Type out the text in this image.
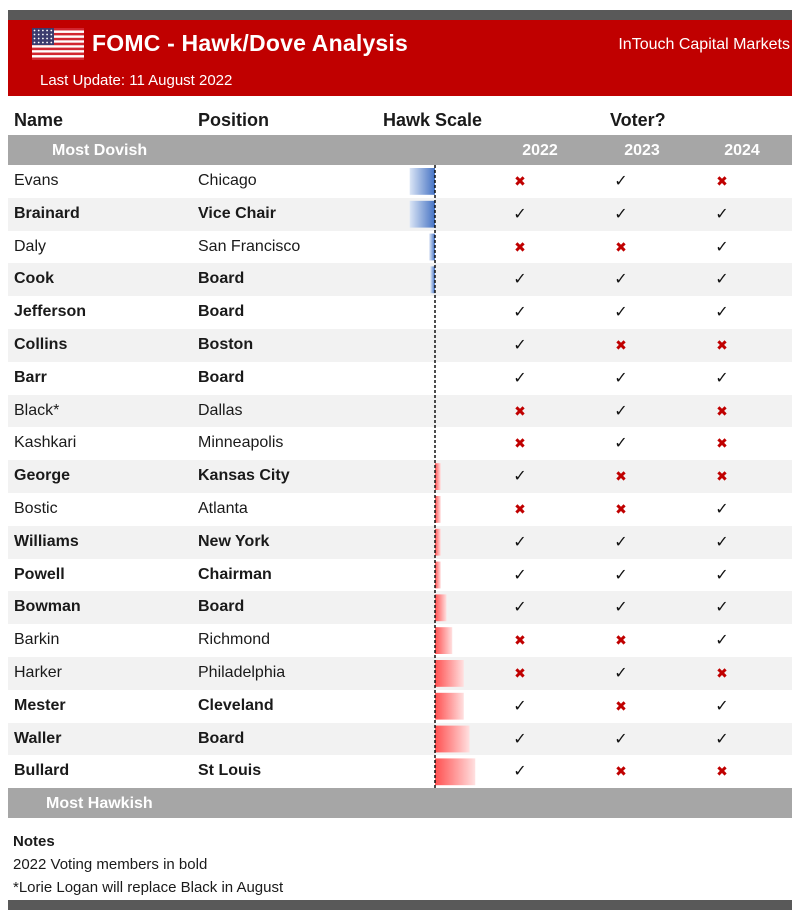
FOMC - Hawk/Dove Analysis	InTouch Capital Markets
Last Update: 11 August 2022
Name	Position	Hawk Scale	Voter?
Most Dovish	2022	2023	2024
Evans	Chicago	✖	✓	✖
Brainard	Vice Chair	✓	✓	✓
Daly	San Francisco	✖	✖	✓
Cook	Board	✓	✓	✓
Jefferson	Board	✓	✓	✓
Collins	Boston	✓	✖	✖
Barr	Board	✓	✓	✓
Black*	Dallas	✖	✓	✖
Kashkari	Minneapolis	✖	✓	✖
George	Kansas City	✓	✖	✖
Bostic	Atlanta	✖	✖	✓
Williams	New York	✓	✓	✓
Powell	Chairman	✓	✓	✓
Bowman	Board	✓	✓	✓
Barkin	Richmond	✖	✖	✓
Harker	Philadelphia	✖	✓	✖
Mester	Cleveland	✓	✖	✓
Waller	Board	✓	✓	✓
Bullard	St Louis	✓	✖	✖
Most Hawkish
Notes
2022 Voting members in bold
*Lorie Logan will replace Black in August
